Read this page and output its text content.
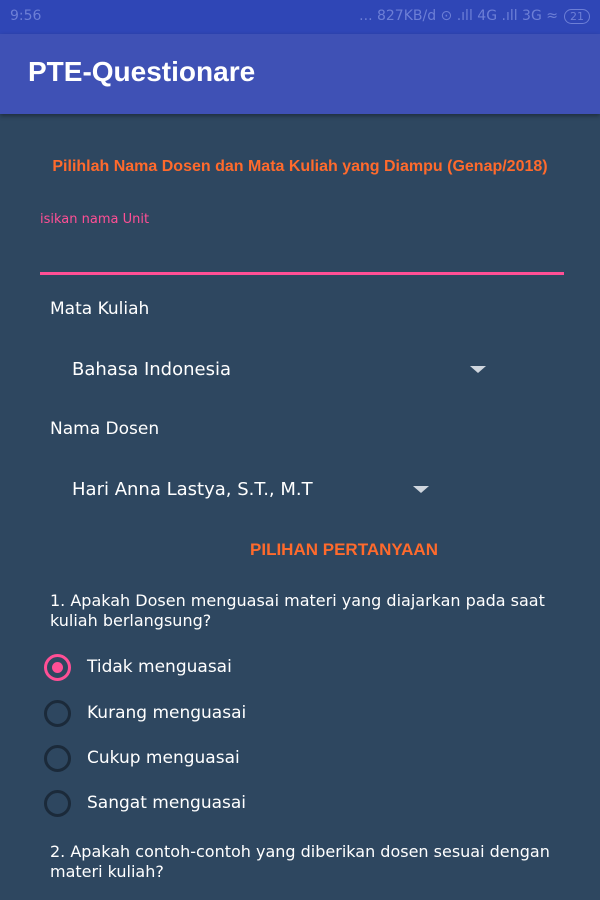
9:56	... 827KB/d ⊙ .ıll 4G .ıll 3G ≈	21
PTE-Questionare
Pilihlah Nama Dosen dan Mata Kuliah yang Diampu (Genap/2018)
isikan nama Unit
Mata Kuliah
Bahasa Indonesia
Nama Dosen
Hari Anna Lastya, S.T., M.T
PILIHAN PERTANYAAN
1. Apakah Dosen menguasai materi yang diajarkan pada saat kuliah berlangsung?
Tidak menguasai
Kurang menguasai
Cukup menguasai
Sangat menguasai
2. Apakah contoh-contoh yang diberikan dosen sesuai dengan materi kuliah?
